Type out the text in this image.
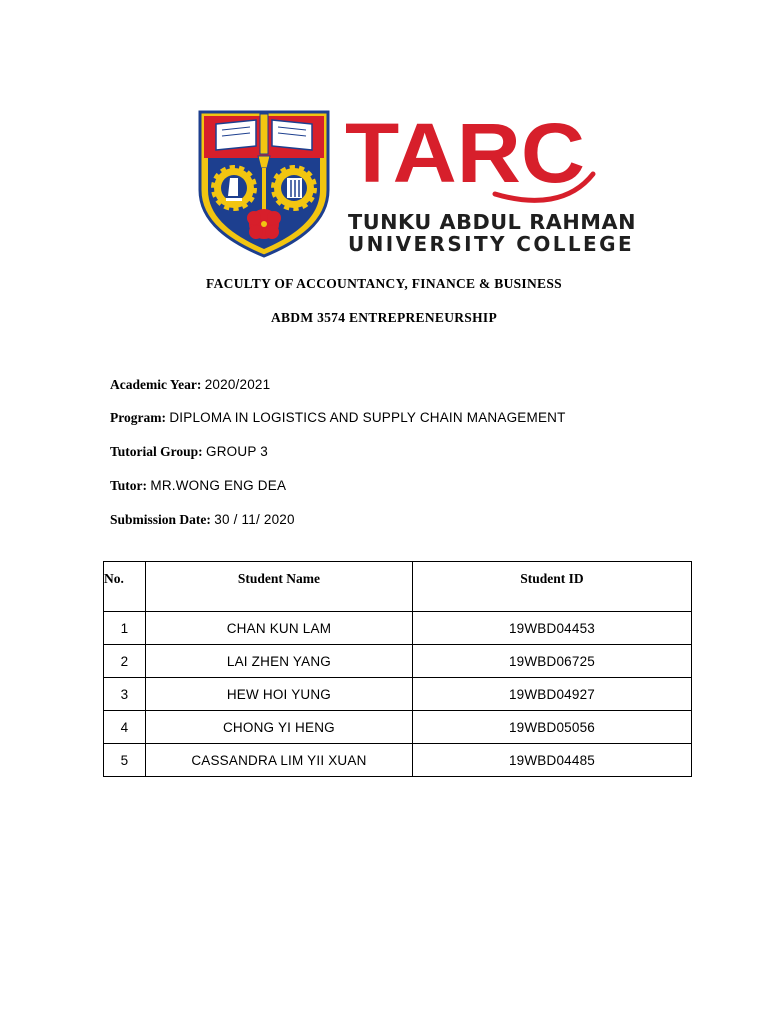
TARC
TUNKU ABDUL RAHMAN
UNIVERSITY COLLEGE
FACULTY OF ACCOUNTANCY, FINANCE & BUSINESS
ABDM 3574 ENTREPRENEURSHIP
Academic Year: 2020/2021
Program: DIPLOMA IN LOGISTICS AND SUPPLY CHAIN MANAGEMENT
Tutorial Group: GROUP 3
Tutor: MR.WONG ENG DEA
Submission Date: 30 / 11/ 2020
No.	Student Name	Student ID
1	CHAN KUN LAM	19WBD04453
2	LAI ZHEN YANG	19WBD06725
3	HEW HOI YUNG	19WBD04927
4	CHONG YI HENG	19WBD05056
5	CASSANDRA LIM YII XUAN	19WBD04485
